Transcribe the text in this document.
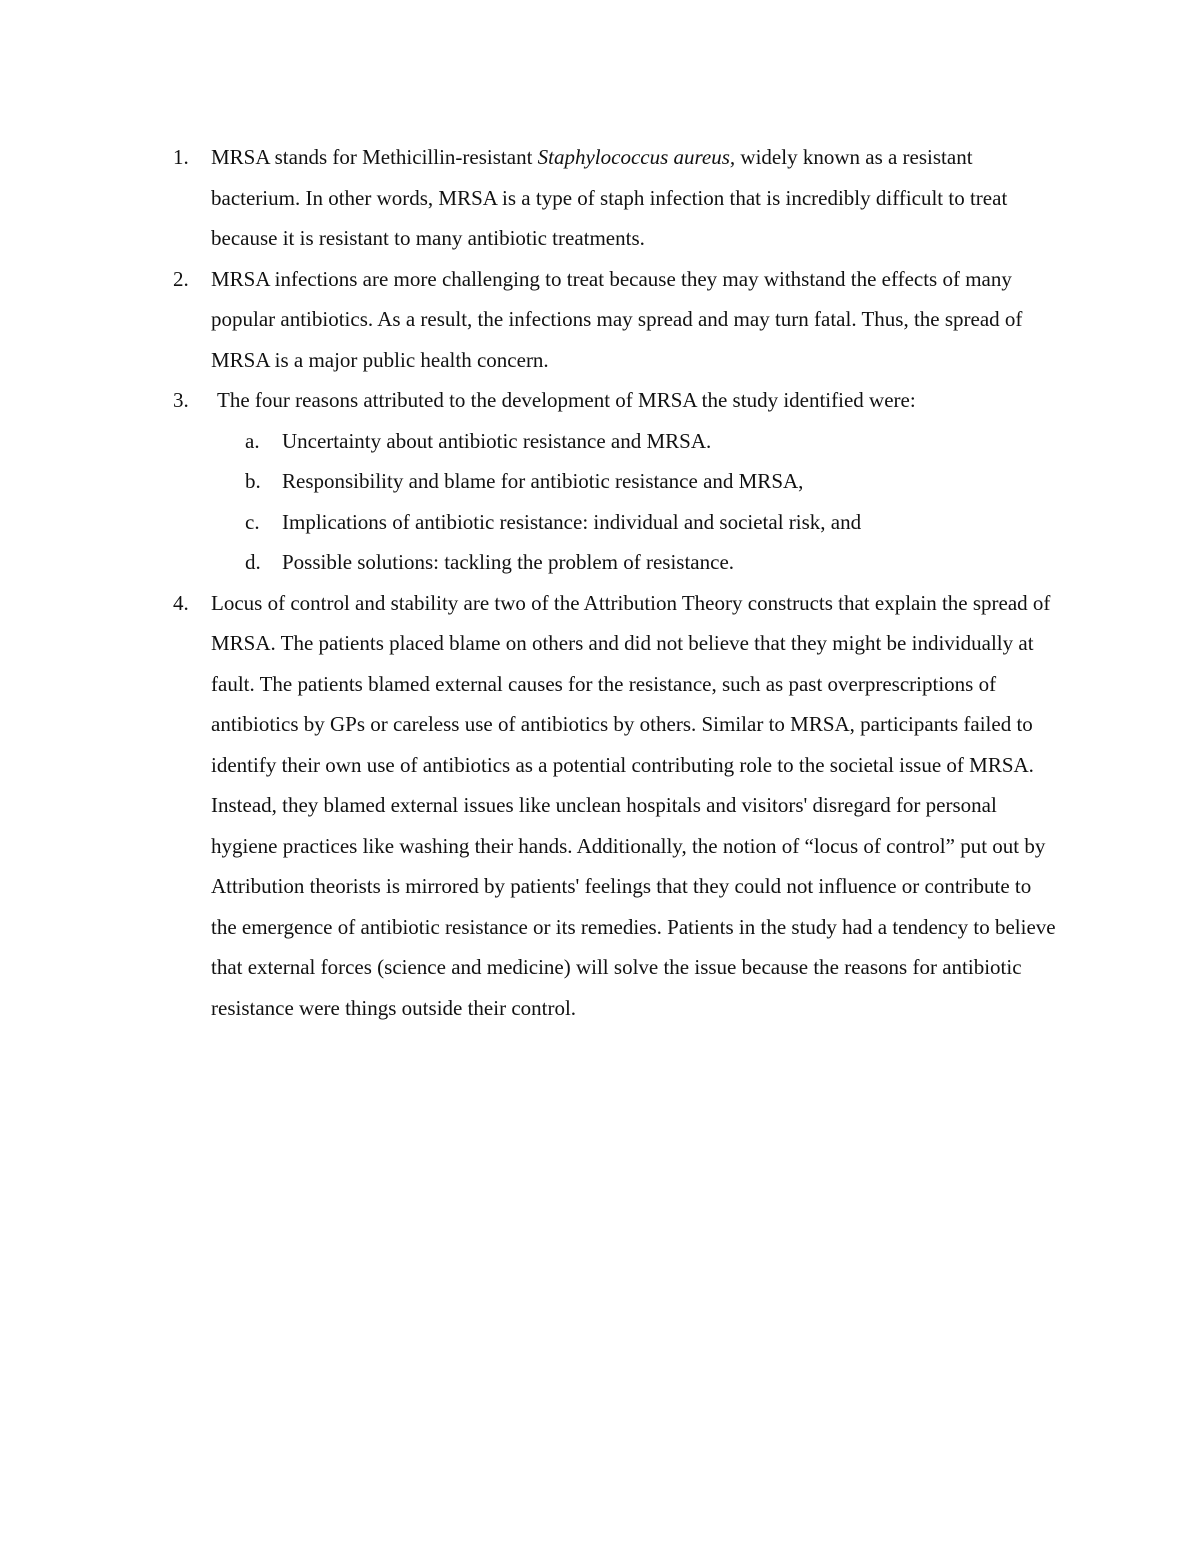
1. MRSA stands for Methicillin-resistant Staphylococcus aureus, widely known as a resistant bacterium. In other words, MRSA is a type of staph infection that is incredibly difficult to treat because it is resistant to many antibiotic treatments.
2. MRSA infections are more challenging to treat because they may withstand the effects of many popular antibiotics. As a result, the infections may spread and may turn fatal. Thus, the spread of MRSA is a major public health concern.
3. The four reasons attributed to the development of MRSA the study identified were:
a. Uncertainty about antibiotic resistance and MRSA.
b. Responsibility and blame for antibiotic resistance and MRSA,
c. Implications of antibiotic resistance: individual and societal risk, and
d. Possible solutions: tackling the problem of resistance.
4. Locus of control and stability are two of the Attribution Theory constructs that explain the spread of MRSA. The patients placed blame on others and did not believe that they might be individually at fault. The patients blamed external causes for the resistance, such as past overprescriptions of antibiotics by GPs or careless use of antibiotics by others. Similar to MRSA, participants failed to identify their own use of antibiotics as a potential contributing role to the societal issue of MRSA. Instead, they blamed external issues like unclean hospitals and visitors' disregard for personal hygiene practices like washing their hands. Additionally, the notion of “locus of control” put out by Attribution theorists is mirrored by patients' feelings that they could not influence or contribute to the emergence of antibiotic resistance or its remedies. Patients in the study had a tendency to believe that external forces (science and medicine) will solve the issue because the reasons for antibiotic resistance were things outside their control.
